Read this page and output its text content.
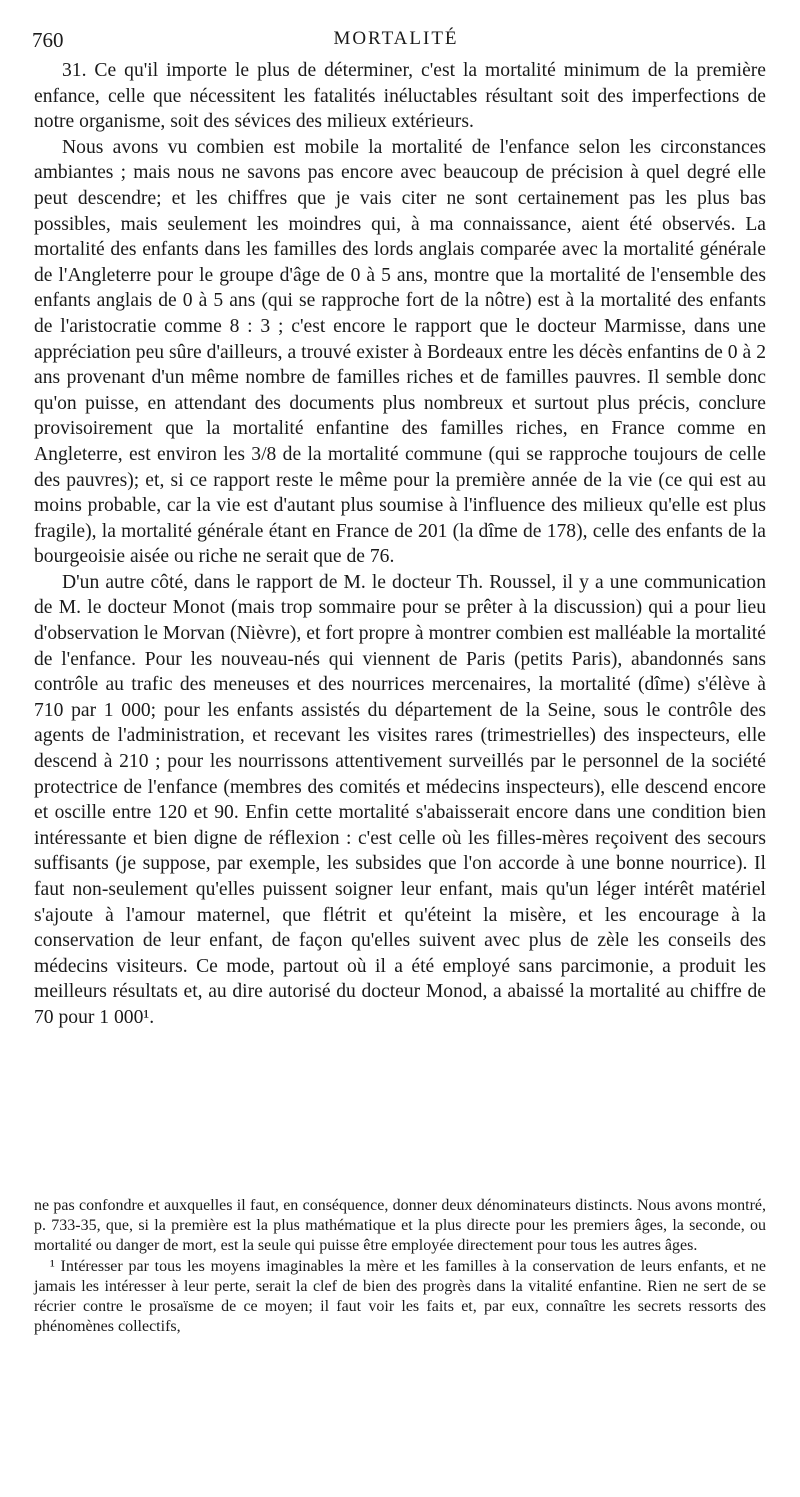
760	MORTALITÉ

31. Ce qu'il importe le plus de déterminer, c'est la mortalité minimum de la première enfance, celle que nécessitent les fatalités inéluctables résultant soit des imperfections de notre organisme, soit des sévices des milieux extérieurs.

Nous avons vu combien est mobile la mortalité de l'enfance selon les circonstances ambiantes ; mais nous ne savons pas encore avec beaucoup de précision à quel degré elle peut descendre; et les chiffres que je vais citer ne sont certainement pas les plus bas possibles, mais seulement les moindres qui, à ma connaissance, aient été observés. La mortalité des enfants dans les familles des lords anglais comparée avec la mortalité générale de l'Angleterre pour le groupe d'âge de 0 à 5 ans, montre que la mortalité de l'ensemble des enfants anglais de 0 à 5 ans (qui se rapproche fort de la nôtre) est à la mortalité des enfants de l'aristocratie comme 8 : 3 ; c'est encore le rapport que le docteur Marmisse, dans une appréciation peu sûre d'ailleurs, a trouvé exister à Bordeaux entre les décès enfantins de 0 à 2 ans provenant d'un même nombre de familles riches et de familles pauvres. Il semble donc qu'on puisse, en attendant des documents plus nombreux et surtout plus précis, conclure provisoirement que la mortalité enfantine des familles riches, en France comme en Angleterre, est environ les 3/8 de la mortalité commune (qui se rapproche toujours de celle des pauvres); et, si ce rapport reste le même pour la première année de la vie (ce qui est au moins probable, car la vie est d'autant plus soumise à l'influence des milieux qu'elle est plus fragile), la mortalité générale étant en France de 201 (la dîme de 178), celle des enfants de la bourgeoisie aisée ou riche ne serait que de 76.

D'un autre côté, dans le rapport de M. le docteur Th. Roussel, il y a une communication de M. le docteur Monot (mais trop sommaire pour se prêter à la discussion) qui a pour lieu d'observation le Morvan (Nièvre), et fort propre à montrer combien est malléable la mortalité de l'enfance. Pour les nouveau-nés qui viennent de Paris (petits Paris), abandonnés sans contrôle au trafic des meneuses et des nourrices mercenaires, la mortalité (dîme) s'élève à 710 par 1 000; pour les enfants assistés du département de la Seine, sous le contrôle des agents de l'administration, et recevant les visites rares (trimestrielles) des inspecteurs, elle descend à 210 ; pour les nourrissons attentivement surveillés par le personnel de la société protectrice de l'enfance (membres des comités et médecins inspecteurs), elle descend encore et oscille entre 120 et 90. Enfin cette mortalité s'abaisserait encore dans une condition bien intéressante et bien digne de réflexion : c'est celle où les filles-mères reçoivent des secours suffisants (je suppose, par exemple, les subsides que l'on accorde à une bonne nourrice). Il faut non-seulement qu'elles puissent soigner leur enfant, mais qu'un léger intérêt matériel s'ajoute à l'amour maternel, que flétrit et qu'éteint la misère, et les encourage à la conservation de leur enfant, de façon qu'elles suivent avec plus de zèle les conseils des médecins visiteurs. Ce mode, partout où il a été employé sans parcimonie, a produit les meilleurs résultats et, au dire autorisé du docteur Monod, a abaissé la mortalité au chiffre de 70 pour 1 000¹.

ne pas confondre et auxquelles il faut, en conséquence, donner deux dénominateurs distincts. Nous avons montré, p. 733-35, que, si la première est la plus mathématique et la plus directe pour les premiers âges, la seconde, ou mortalité ou danger de mort, est la seule qui puisse être employée directement pour tous les autres âges.

¹ Intéresser par tous les moyens imaginables la mère et les familles à la conservation de leurs enfants, et ne jamais les intéresser à leur perte, serait la clef de bien des progrès dans la vitalité enfantine. Rien ne sert de se récrier contre le prosaïsme de ce moyen; il faut voir les faits et, par eux, connaître les secrets ressorts des phénomènes collectifs,
